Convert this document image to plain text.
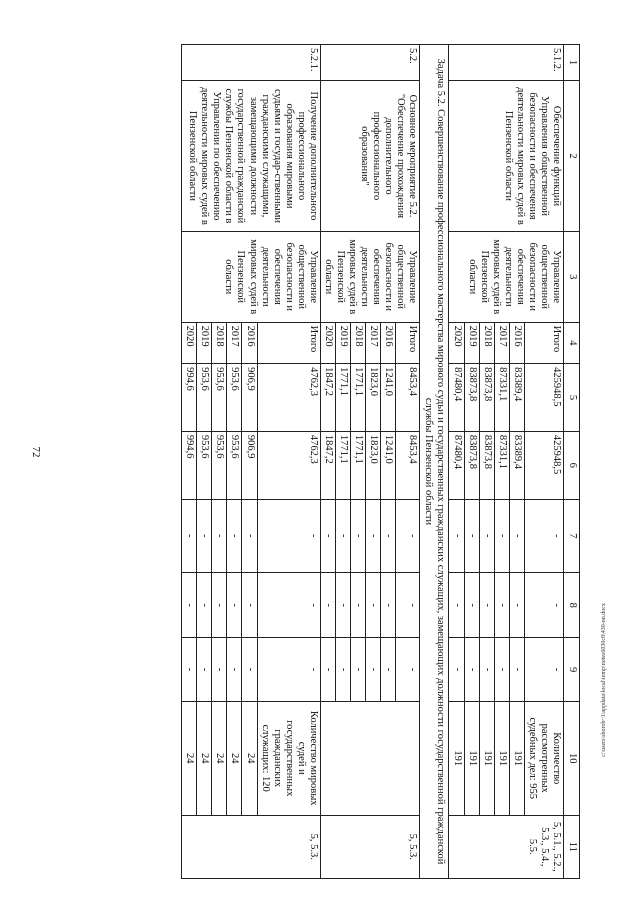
72
c:\users\sborob~1\appdata\local\temp\notes6030c8\430-nn.docx
1	2	3	4	5	6	7	8	9	10	11
5.1.2.	Обеспечение функций Управления общественной безопасности и обеспечения деятельности мировых судей в Пензенской области	Управление общественной безопасности и обеспечения деятельности мировых судей в Пензенской области	Итого	425948,5	425948,5	-	-	-	Количество рассмотренных судебных дел: 955	5, 5.1., 5.2., 5.3., 5.4., 5.5.
			2016	83389,4	83389,4	-	-	-	191	
			2017	87331,1	87331,1	-	-	-	191	
			2018	83873,8	83873,8	-	-	-	191	
			2019	83873,8	83873,8	-	-	-	191	
			2020	87480,4	87480,4	-	-	-	191	
Задача 5.2. Совершенствование профессионального мастерства мирового судьи и государственных гражданских служащих, замещающих должности государственной гражданской службы Пензенской области										
5.2.	Основное мероприятие 5.2. "Обеспечение прохождения дополнительного профессионального образования"	Управление общественной безопасности и обеспечения деятельности мировых судей в Пензенской области	Итого	8453,4	8453,4	-	-	-		5, 5.3.
			2016	1241,0	1241,0	-	-	-		
			2017	1823,0	1823,0	-	-	-		
			2018	1771,1	1771,1	-	-	-		
			2019	1771,1	1771,1	-	-	-		
			2020	1847,2	1847,2	-	-	-		
5.2.1.	Получение дополнительного профессионального образования мировыми судьями и государ-ственными гражданскими служащими, замещающими должности государственной гражданской службы Пензенской области в Управлении по обеспечению деятельности мировых судей в Пензенской области	Управление общественной безопасности и обеспечения деятельности мировых судей в Пензенской области	Итого	4762,3	4762,3	-	-	-	Количество мировых судей и государственных гражданских служащих: 120	5, 5.3.
			2016	906,9	906,9	-	-	-	24	
			2017	953,6	953,6	-	-	-	24	
			2018	953,6	953,6	-	-	-	24	
			2019	953,6	953,6	-	-	-	24	
			2020	994,6	994,6	-	-	-	24	
